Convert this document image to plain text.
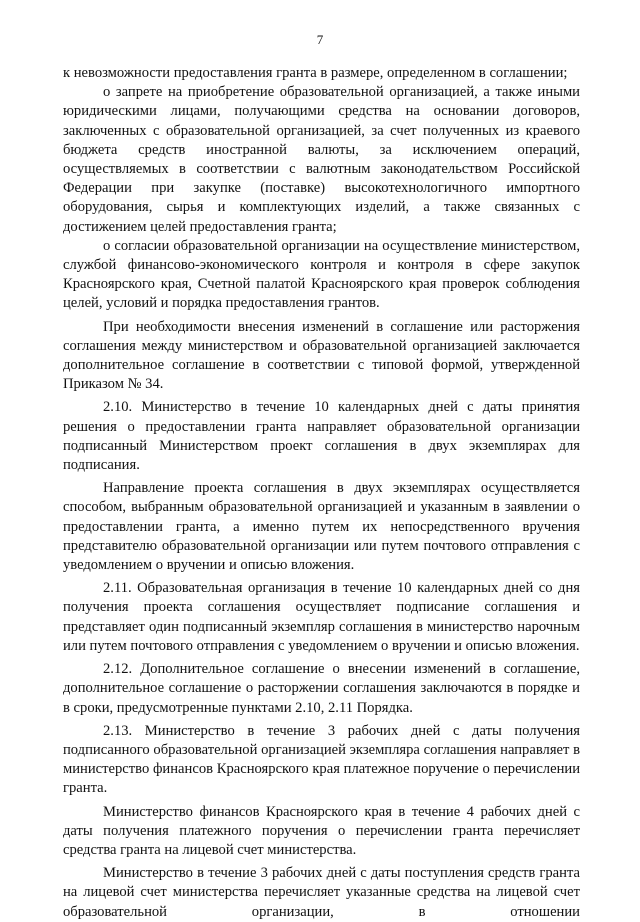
7

к невозможности предоставления гранта в размере, определенном в соглашении;

о запрете на приобретение образовательной организацией, а также иными юридическими лицами, получающими средства на основании договоров, заключенных с образовательной организацией, за счет полученных из краевого бюджета средств иностранной валюты, за исключением операций, осуществляемых в соответствии с валютным законодательством Российской Федерации при закупке (поставке) высокотехнологичного импортного оборудования, сырья и комплектующих изделий, а также связанных с достижением целей предоставления гранта;

о согласии образовательной организации на осуществление министерством, службой финансово-экономического контроля и контроля в сфере закупок Красноярского края, Счетной палатой Красноярского края проверок соблюдения целей, условий и порядка предоставления грантов.

При необходимости внесения изменений в соглашение или расторжения соглашения между министерством и образовательной организацией заключается дополнительное соглашение в соответствии с типовой формой, утвержденной Приказом № 34.

2.10. Министерство в течение 10 календарных дней с даты принятия решения о предоставлении гранта направляет образовательной организации подписанный Министерством проект соглашения в двух экземплярах для подписания.

Направление проекта соглашения в двух экземплярах осуществляется способом, выбранным образовательной организацией и указанным в заявлении о предоставлении гранта, а именно путем их непосредственного вручения представителю образовательной организации или путем почтового отправления с уведомлением о вручении и описью вложения.

2.11. Образовательная организация в течение 10 календарных дней со дня получения проекта соглашения осуществляет подписание соглашения и представляет один подписанный экземпляр соглашения в министерство нарочным или путем почтового отправления с уведомлением о вручении и описью вложения.

2.12. Дополнительное соглашение о внесении изменений в соглашение, дополнительное соглашение о расторжении соглашения заключаются в порядке и в сроки, предусмотренные пунктами 2.10, 2.11 Порядка.

2.13. Министерство в течение 3 рабочих дней с даты получения подписанного образовательной организацией экземпляра соглашения направляет в министерство финансов Красноярского края платежное поручение о перечислении гранта.

Министерство финансов Красноярского края в течение 4 рабочих дней с даты получения платежного поручения о перечислении гранта перечисляет средства гранта на лицевой счет министерства.

Министерство в течение 3 рабочих дней с даты поступления средств гранта на лицевой счет министерства перечисляет указанные средства на лицевой счет образовательной организации, в отношении
